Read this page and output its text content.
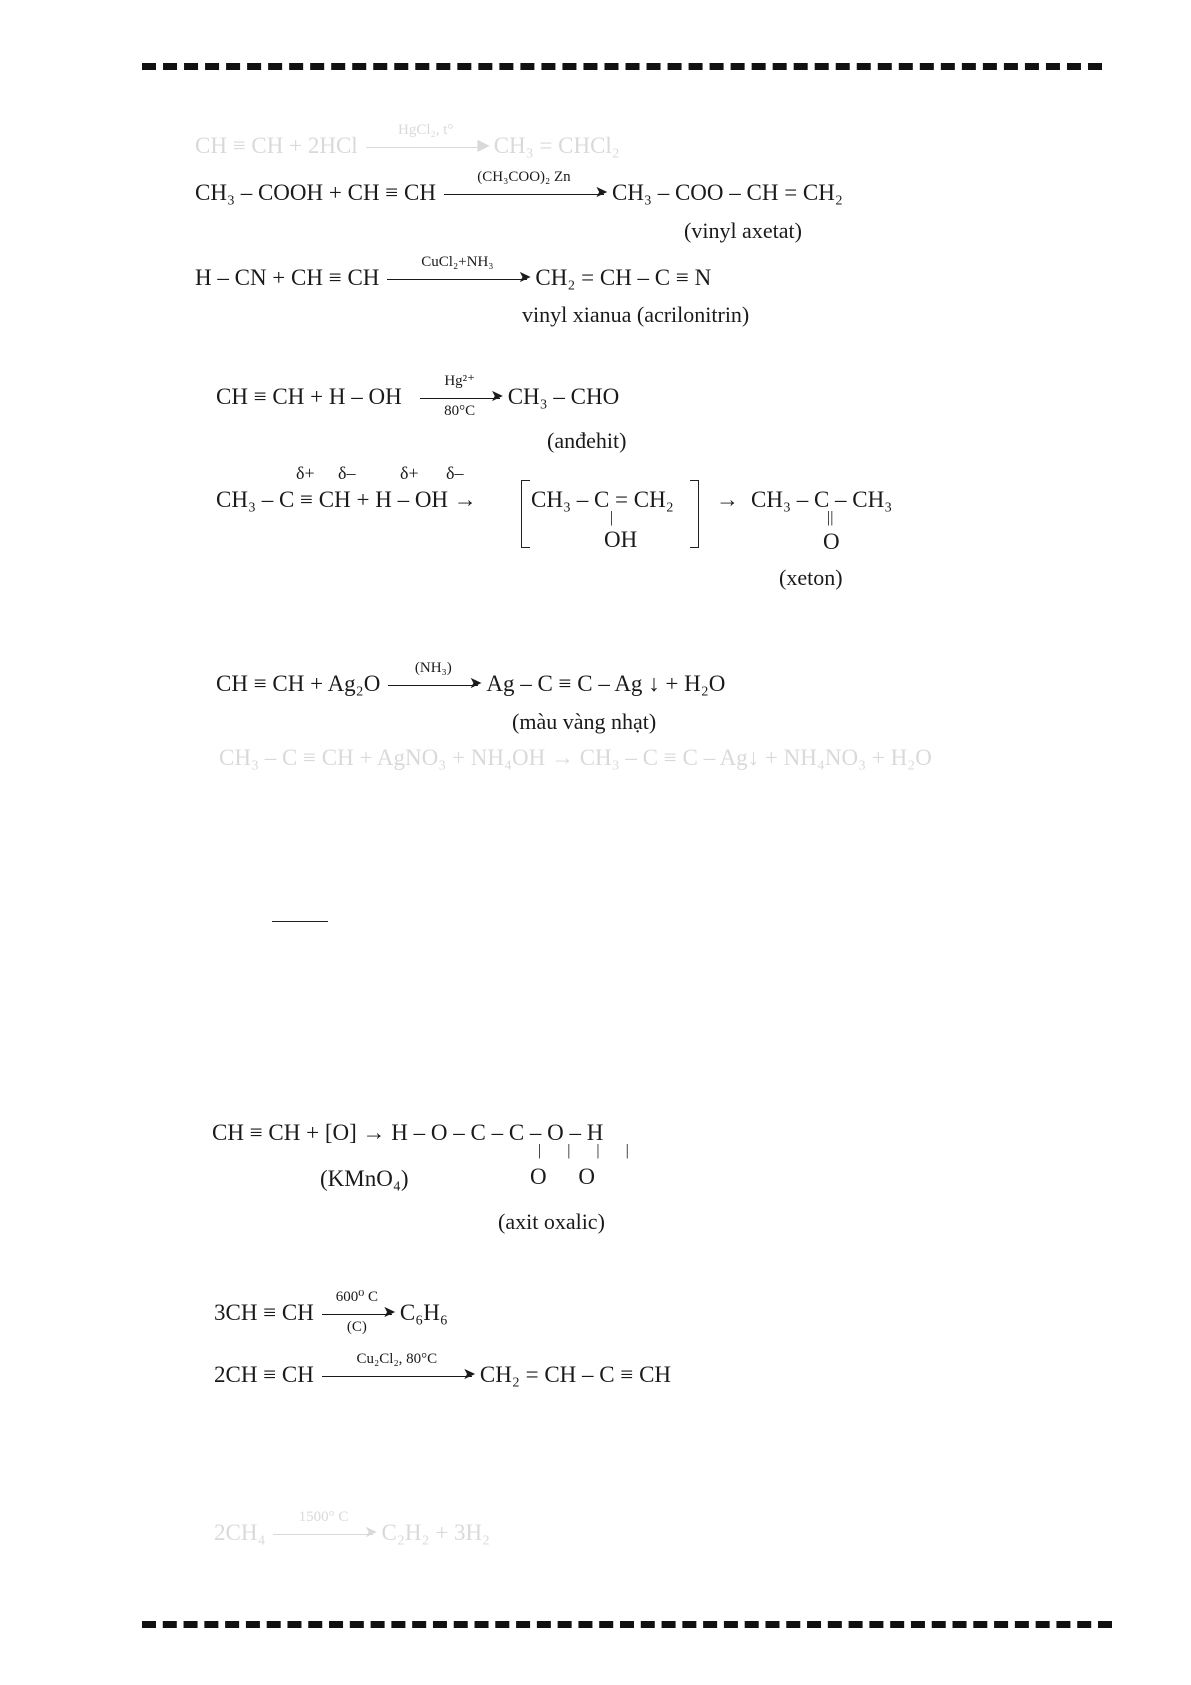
CH ≡ CH + 2HCl
HgCl₂, t°
▶ CH₃ = CHCl₂
CH₃ – COOH + CH ≡ CH
(CH₃COO)₂ Zn
➤ CH₃ – COO – CH = CH₂
(vinyl axetat)
H – CN + CH ≡ CH
CuCl₂+NH₃
➤ CH₂ = CH – C ≡ N
vinyl xianua (acrilonitrin)
CH ≡ CH + H – OH
Hg²⁺
➤
80°C
CH₃ – CHO
(anđehit)
δ+ δ– δ+ δ–
CH₃ – C ≡ CH + H – OH → CH₃ – C = CH₂
|
OH
→ CH₃ – C – CH₃
||
O
(xeton)
CH ≡ CH + Ag₂O
(NH₃)
➤ Ag – C ≡ C – Ag ↓ + H₂O
(màu vàng nhạt)
CH₃ – C ≡ CH + AgNO₃ + NH₄OH → CH₃ – C ≡ C – Ag↓ + NH₄NO₃ + H₂O
CH ≡ CH + [O] → H – O – C – C – O – H
||||
O O
(KMnO₄)
(axit oxalic)
3CH ≡ CH
600⁰ C
➤
(C)
C₆H₆
2CH ≡ CH
Cu₂Cl₂, 80°C
➤ CH₂ = CH – C ≡ CH
2CH₄
1500° C
➤ C₂H₂ + 3H₂
